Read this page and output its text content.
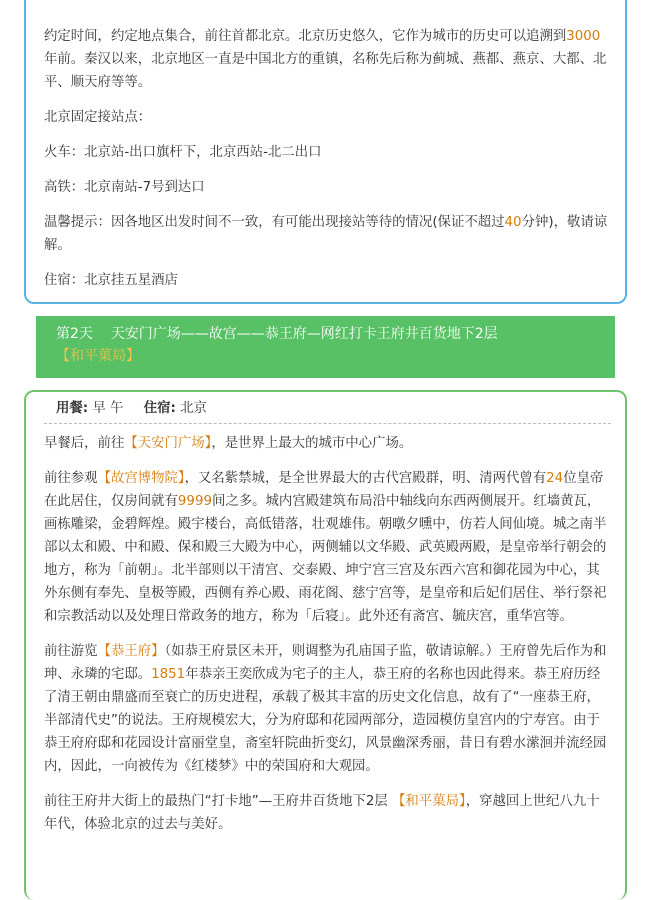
约定时间，约定地点集合，前往首都北京。北京历史悠久，它作为城市的历史可以追溯到3000年前。秦汉以来，北京地区一直是中国北方的重镇，名称先后称为蓟城、燕都、燕京、大都、北平、顺天府等等。

北京固定接站点：

火车：北京站-出口旗杆下，北京西站-北二出口

高铁：北京南站-7号到达口

温馨提示：因各地区出发时间不一致，有可能出现接站等待的情况(保证不超过40分钟)，敬请谅解。

住宿：北京挂五星酒店

第2天 天安门广场——故宫——恭王府—网红打卡王府井百货地下2层
【和平菓局】
用餐: 早 午 住宿: 北京

早餐后，前往【天安门广场】，是世界上最大的城市中心广场。

前往参观【故宫博物院】，又名紫禁城，是全世界最大的古代宫殿群，明、清两代曾有24位皇帝在此居住，仅房间就有9999间之多。城内宫殿建筑布局沿中轴线向东西两侧展开。红墙黄瓦，画栋雕梁，金碧辉煌。殿宇楼台，高低错落，壮观雄伟。朝暾夕曛中，仿若人间仙境。城之南半部以太和殿、中和殿、保和殿三大殿为中心，两侧辅以文华殿、武英殿两殿，是皇帝举行朝会的地方，称为「前朝」。北半部则以干清宫、交泰殿、坤宁宫三宫及东西六宫和御花园为中心，其外东侧有奉先、皇极等殿，西侧有养心殿、雨花阁、慈宁宫等，是皇帝和后妃们居住、举行祭祀和宗教活动以及处理日常政务的地方，称为「后寝」。此外还有斋宫、毓庆宫，重华宫等。

前往游览【恭王府】（如恭王府景区未开，则调整为孔庙国子监，敬请谅解。）王府曾先后作为和珅、永璘的宅邸。1851年恭亲王奕欣成为宅子的主人，恭王府的名称也因此得来。恭王府历经了清王朝由鼎盛而至衰亡的历史进程，承载了极其丰富的历史文化信息，故有了“一座恭王府，半部清代史”的说法。王府规模宏大，分为府邸和花园两部分，造园模仿皇宫内的宁寿宫。由于恭王府府邸和花园设计富丽堂皇，斋室轩院曲折变幻，风景幽深秀丽，昔日有碧水潆洄并流经园内，因此，一向被传为《红楼梦》中的荣国府和大观园。

前往王府井大街上的最热门“打卡地”—王府井百货地下2层 【和平菓局】，穿越回上世纪八九十年代，体验北京的过去与美好。
